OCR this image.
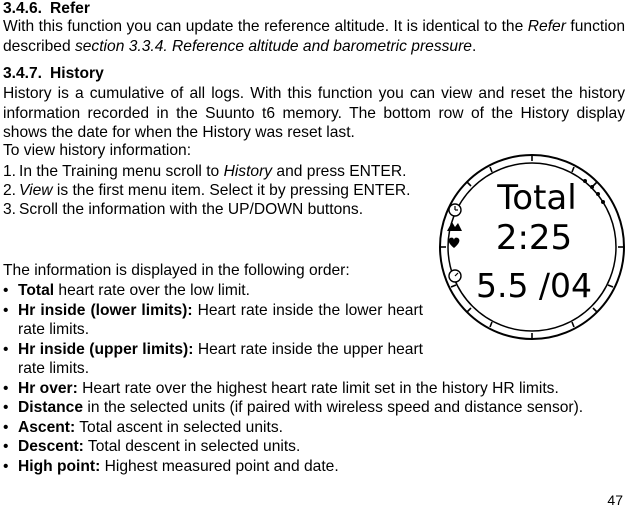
3.4.6. Refer

With this function you can update the reference altitude. It is identical to the Refer function described section 3.3.4. Reference altitude and barometric pressure.

3.4.7. History

History is a cumulative of all logs. With this function you can view and reset the history information recorded in the Suunto t6 memory. The bottom row of the History display shows the date for when the History was reset last.

To view history information:

1. In the Training menu scroll to History and press ENTER.
2. View is the first menu item. Select it by pressing ENTER.
3. Scroll the information with the UP/DOWN buttons.

The information is displayed in the following order:

• Total heart rate over the low limit.
• Hr inside (lower limits): Heart rate inside the lower heart rate limits.
• Hr inside (upper limits): Heart rate inside the upper heart rate limits.
• Hr over: Heart rate over the highest heart rate limit set in the history HR limits.
• Distance in the selected units (if paired with wireless speed and distance sensor).
• Ascent: Total ascent in selected units.
• Descent: Total descent in selected units.
• High point: Highest measured point and date.
Total
2:25
5.5 /04
47
